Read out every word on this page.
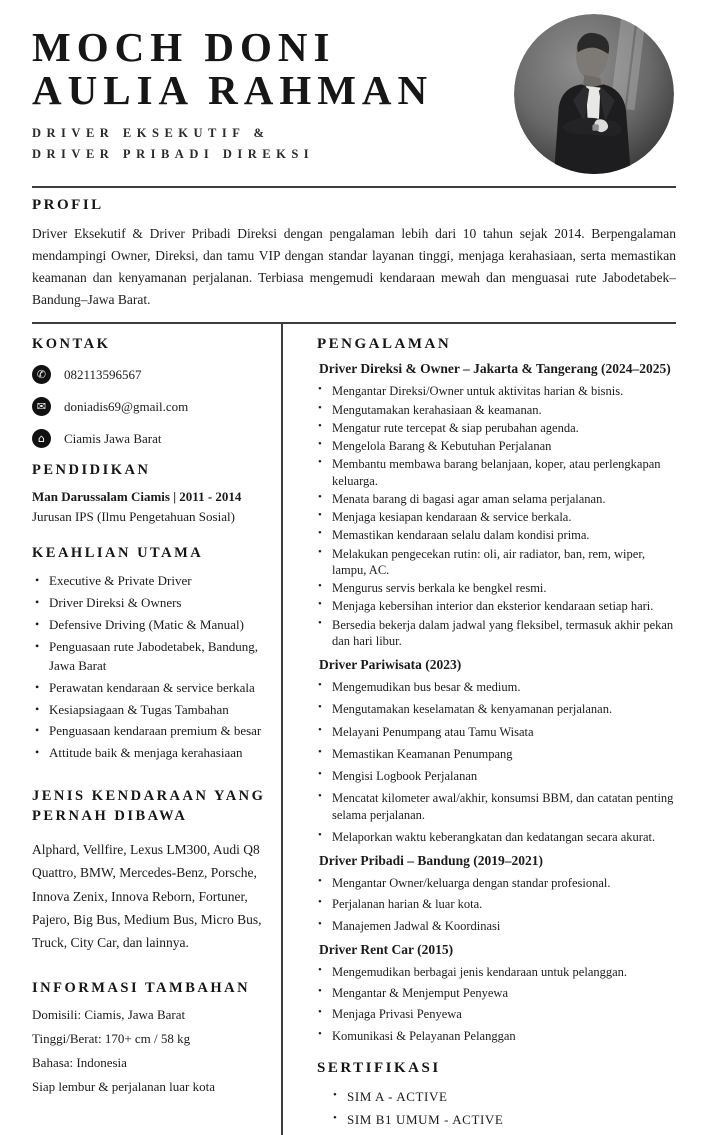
MOCH DONI
AULIA RAHMAN
DRIVER EKSEKUTIF &
DRIVER PRIBADI DIREKSI
PROFIL
Driver Eksekutif & Driver Pribadi Direksi dengan pengalaman lebih dari 10 tahun sejak 2014. Berpengalaman mendampingi Owner, Direksi, dan tamu VIP dengan standar layanan tinggi, menjaga kerahasiaan, serta memastikan keamanan dan kenyamanan perjalanan. Terbiasa mengemudi kendaraan mewah dan menguasai rute Jabodetabek–Bandung–Jawa Barat.
KONTAK
✆	082113596567
✉	doniadis69@gmail.com
⌂	Ciamis Jawa Barat
PENDIDIKAN
Man Darussalam Ciamis | 2011 - 2014
Jurusan IPS (Ilmu Pengetahuan Sosial)
KEAHLIAN UTAMA
• Executive & Private Driver
• Driver Direksi & Owners
• Defensive Driving (Matic & Manual)
• Penguasaan rute Jabodetabek, Bandung, Jawa Barat
• Perawatan kendaraan & service berkala
• Kesiapsiagaan & Tugas Tambahan
• Penguasaan kendaraan premium & besar
• Attitude baik & menjaga kerahasiaan
JENIS KENDARAAN YANG
PERNAH DIBAWA
Alphard, Vellfire, Lexus LM300, Audi Q8 Quattro, BMW, Mercedes-Benz, Porsche, Innova Zenix, Innova Reborn, Fortuner, Pajero, Big Bus, Medium Bus, Micro Bus, Truck, City Car, dan lainnya.
INFORMASI TAMBAHAN
Domisili: Ciamis, Jawa Barat
Tinggi/Berat: 170+ cm / 58 kg
Bahasa: Indonesia
Siap lembur & perjalanan luar kota
PENGALAMAN
Driver Direksi & Owner – Jakarta & Tangerang (2024–2025)
• Mengantar Direksi/Owner untuk aktivitas harian & bisnis.
• Mengutamakan kerahasiaan & keamanan.
• Mengatur rute tercepat & siap perubahan agenda.
• Mengelola Barang & Kebutuhan Perjalanan
• Membantu membawa barang belanjaan, koper, atau perlengkapan keluarga.
• Menata barang di bagasi agar aman selama perjalanan.
• Menjaga kesiapan kendaraan & service berkala.
• Memastikan kendaraan selalu dalam kondisi prima.
• Melakukan pengecekan rutin: oli, air radiator, ban, rem, wiper, lampu, AC.
• Mengurus servis berkala ke bengkel resmi.
• Menjaga kebersihan interior dan eksterior kendaraan setiap hari.
• Bersedia bekerja dalam jadwal yang fleksibel, termasuk akhir pekan dan hari libur.
Driver Pariwisata (2023)
• Mengemudikan bus besar & medium.
• Mengutamakan keselamatan & kenyamanan perjalanan.
• Melayani Penumpang atau Tamu Wisata
• Memastikan Keamanan Penumpang
• Mengisi Logbook Perjalanan
• Mencatat kilometer awal/akhir, konsumsi BBM, dan catatan penting selama perjalanan.
• Melaporkan waktu keberangkatan dan kedatangan secara akurat.
Driver Pribadi – Bandung (2019–2021)
• Mengantar Owner/keluarga dengan standar profesional.
• Perjalanan harian & luar kota.
• Manajemen Jadwal & Koordinasi
Driver Rent Car (2015)
• Mengemudikan berbagai jenis kendaraan untuk pelanggan.
• Mengantar & Menjemput Penyewa
• Menjaga Privasi Penyewa
• Komunikasi & Pelayanan Pelanggan
SERTIFIKASI
• SIM A - ACTIVE
• SIM B1 UMUM - ACTIVE
